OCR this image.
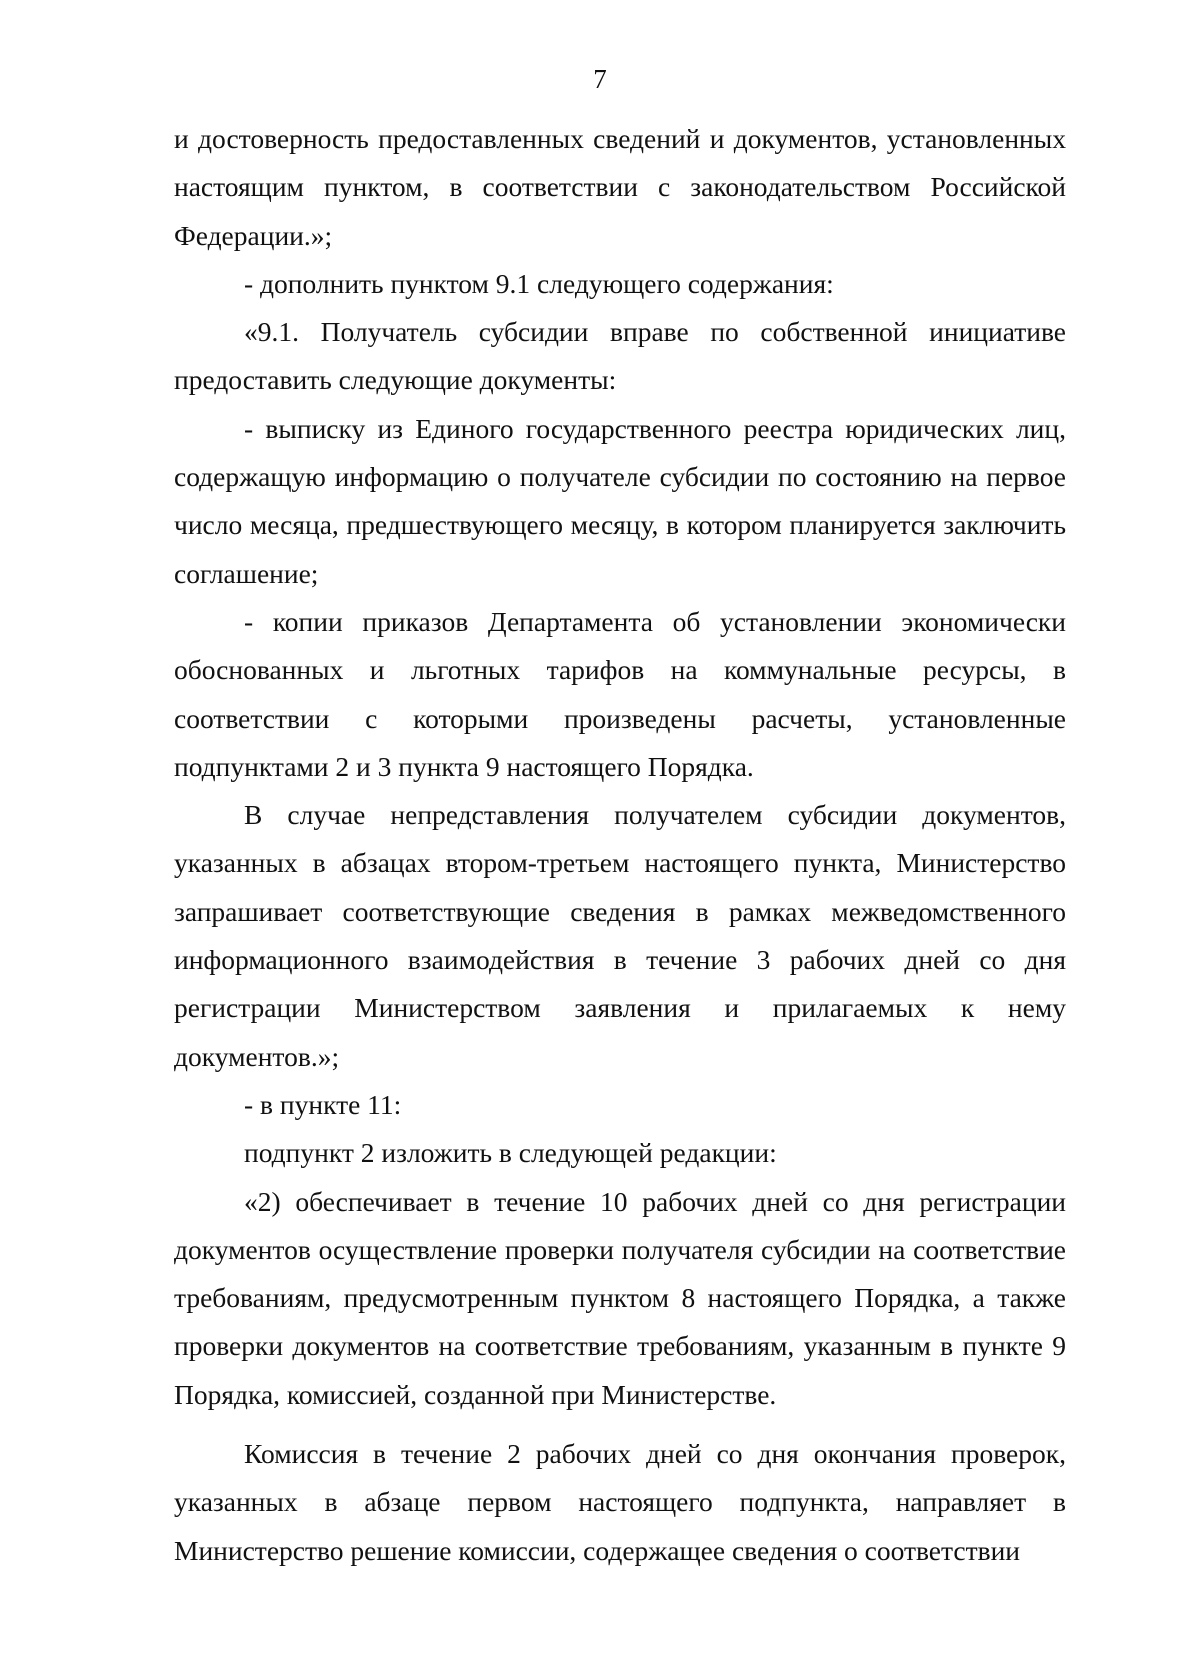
7

и достоверность предоставленных сведений и документов, установленных настоящим пунктом, в соответствии с законодательством Российской Федерации.»;

- дополнить пунктом 9.1 следующего содержания:

«9.1. Получатель субсидии вправе по собственной инициативе предоставить следующие документы:

- выписку из Единого государственного реестра юридических лиц, содержащую информацию о получателе субсидии по состоянию на первое число месяца, предшествующего месяцу, в котором планируется заключить соглашение;

- копии приказов Департамента об установлении экономически обоснованных и льготных тарифов на коммунальные ресурсы, в соответствии с которыми произведены расчеты, установленные подпунктами 2 и 3 пункта 9 настоящего Порядка.

В случае непредставления получателем субсидии документов, указанных в абзацах втором-третьем настоящего пункта, Министерство запрашивает соответствующие сведения в рамках межведомственного информационного взаимодействия в течение 3 рабочих дней со дня регистрации Министерством заявления и прилагаемых к нему документов.»;

- в пункте 11:

подпункт 2 изложить в следующей редакции:

«2) обеспечивает в течение 10 рабочих дней со дня регистрации документов осуществление проверки получателя субсидии на соответствие требованиям, предусмотренным пунктом 8 настоящего Порядка, а также проверки документов на соответствие требованиям, указанным в пункте 9 Порядка, комиссией, созданной при Министерстве.

Комиссия в течение 2 рабочих дней со дня окончания проверок, указанных в абзаце первом настоящего подпункта, направляет в Министерство решение комиссии, содержащее сведения о соответствии
